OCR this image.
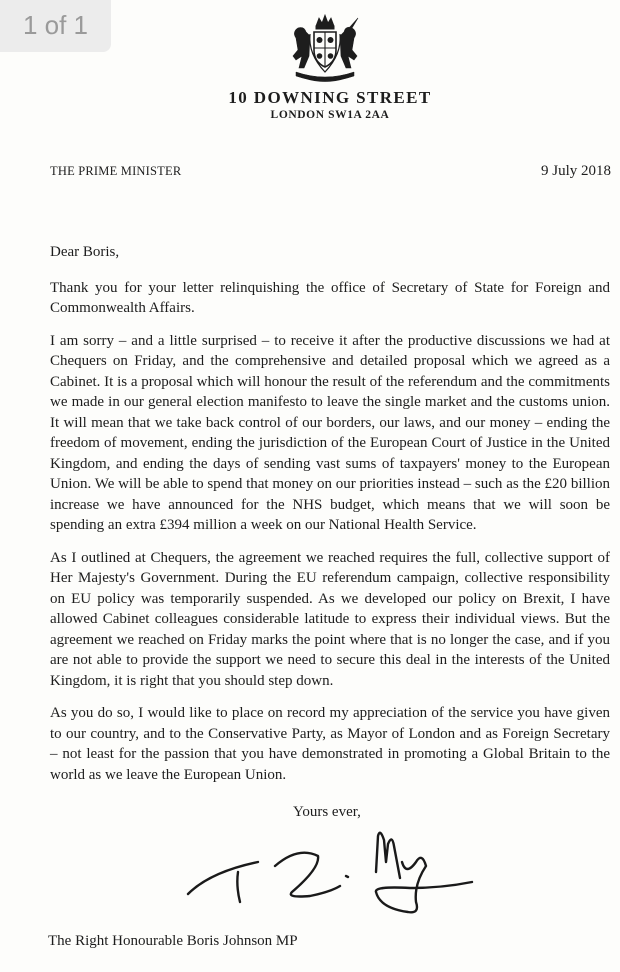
1 of 1
10 DOWNING STREET
LONDON SW1A 2AA
THE PRIME MINISTER	9 July 2018

Dear Boris,

Thank you for your letter relinquishing the office of Secretary of State for Foreign and Commonwealth Affairs.

I am sorry – and a little surprised – to receive it after the productive discussions we had at Chequers on Friday, and the comprehensive and detailed proposal which we agreed as a Cabinet. It is a proposal which will honour the result of the referendum and the commitments we made in our general election manifesto to leave the single market and the customs union. It will mean that we take back control of our borders, our laws, and our money – ending the freedom of movement, ending the jurisdiction of the European Court of Justice in the United Kingdom, and ending the days of sending vast sums of taxpayers' money to the European Union. We will be able to spend that money on our priorities instead – such as the £20 billion increase we have announced for the NHS budget, which means that we will soon be spending an extra £394 million a week on our National Health Service.

As I outlined at Chequers, the agreement we reached requires the full, collective support of Her Majesty's Government. During the EU referendum campaign, collective responsibility on EU policy was temporarily suspended. As we developed our policy on Brexit, I have allowed Cabinet colleagues considerable latitude to express their individual views. But the agreement we reached on Friday marks the point where that is no longer the case, and if you are not able to provide the support we need to secure this deal in the interests of the United Kingdom, it is right that you should step down.

As you do so, I would like to place on record my appreciation of the service you have given to our country, and to the Conservative Party, as Mayor of London and as Foreign Secretary – not least for the passion that you have demonstrated in promoting a Global Britain to the world as we leave the European Union.

Yours ever,
The Right Honourable Boris Johnson MP
